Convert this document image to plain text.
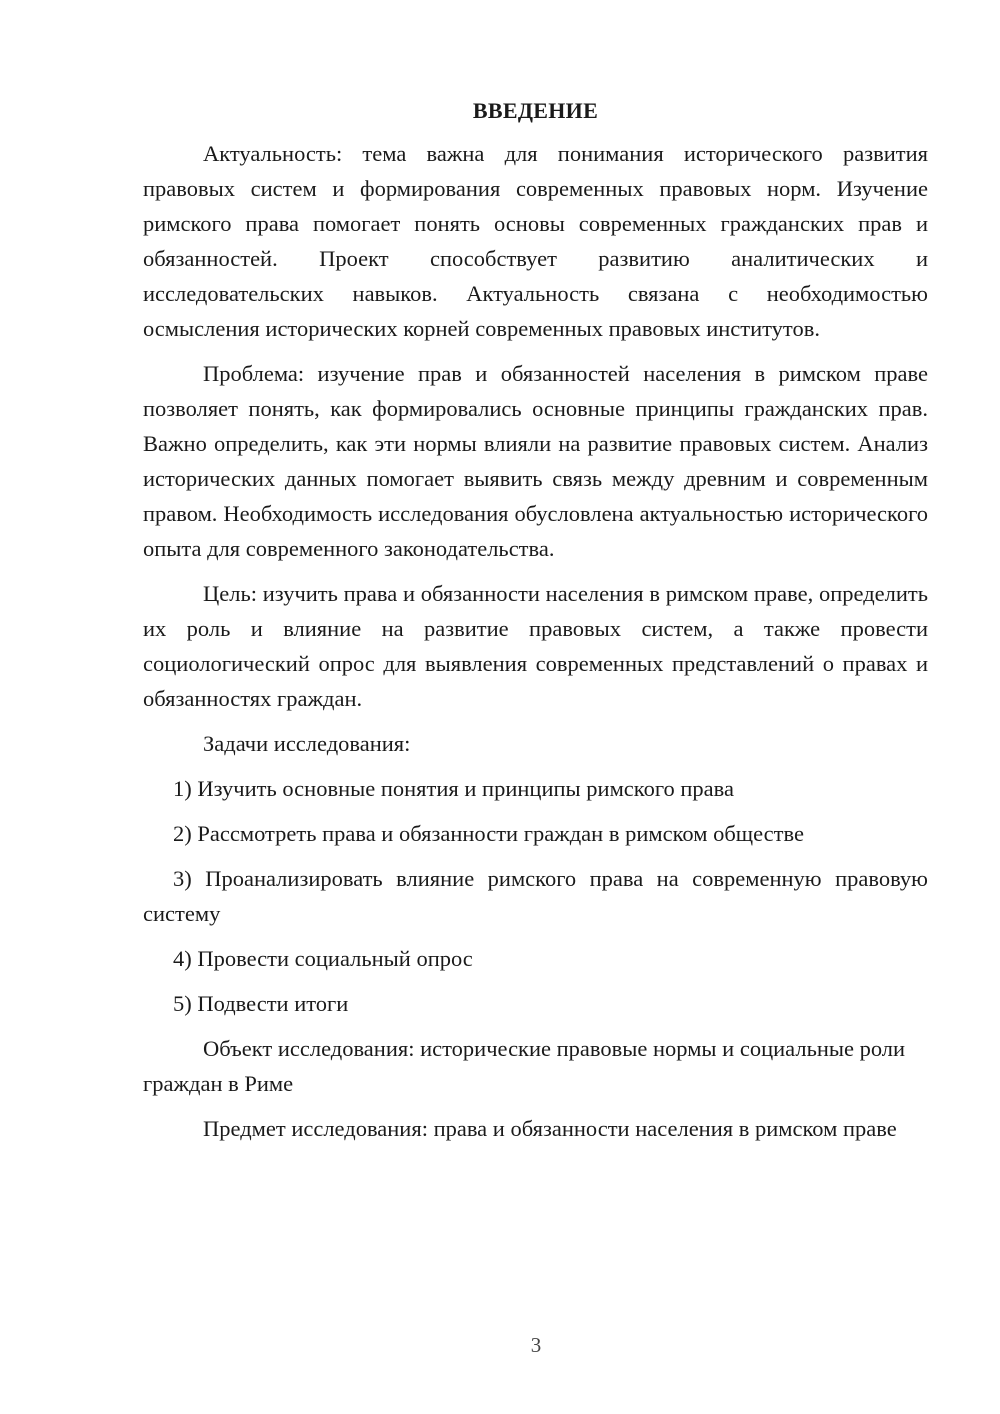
ВВЕДЕНИЕ

Актуальность: тема важна для понимания исторического развития правовых систем и формирования современных правовых норм. Изучение римского права помогает понять основы современных гражданских прав и обязанностей. Проект способствует развитию аналитических и исследовательских навыков. Актуальность связана с необходимостью осмысления исторических корней современных правовых институтов.

Проблема: изучение прав и обязанностей населения в римском праве позволяет понять, как формировались основные принципы гражданских прав. Важно определить, как эти нормы влияли на развитие правовых систем. Анализ исторических данных помогает выявить связь между древним и современным правом. Необходимость исследования обусловлена актуальностью исторического опыта для современного законодательства.

Цель: изучить права и обязанности населения в римском праве, определить их роль и влияние на развитие правовых систем, а также провести социологический опрос для выявления современных представлений о правах и обязанностях граждан.

Задачи исследования:

1) Изучить основные понятия и принципы римского права

2) Рассмотреть права и обязанности граждан в римском обществе

3) Проанализировать влияние римского права на современную правовую систему

4) Провести социальный опрос

5) Подвести итоги

Объект исследования: исторические правовые нормы и социальные роли граждан в Риме

Предмет исследования: права и обязанности населения в римском праве

3
